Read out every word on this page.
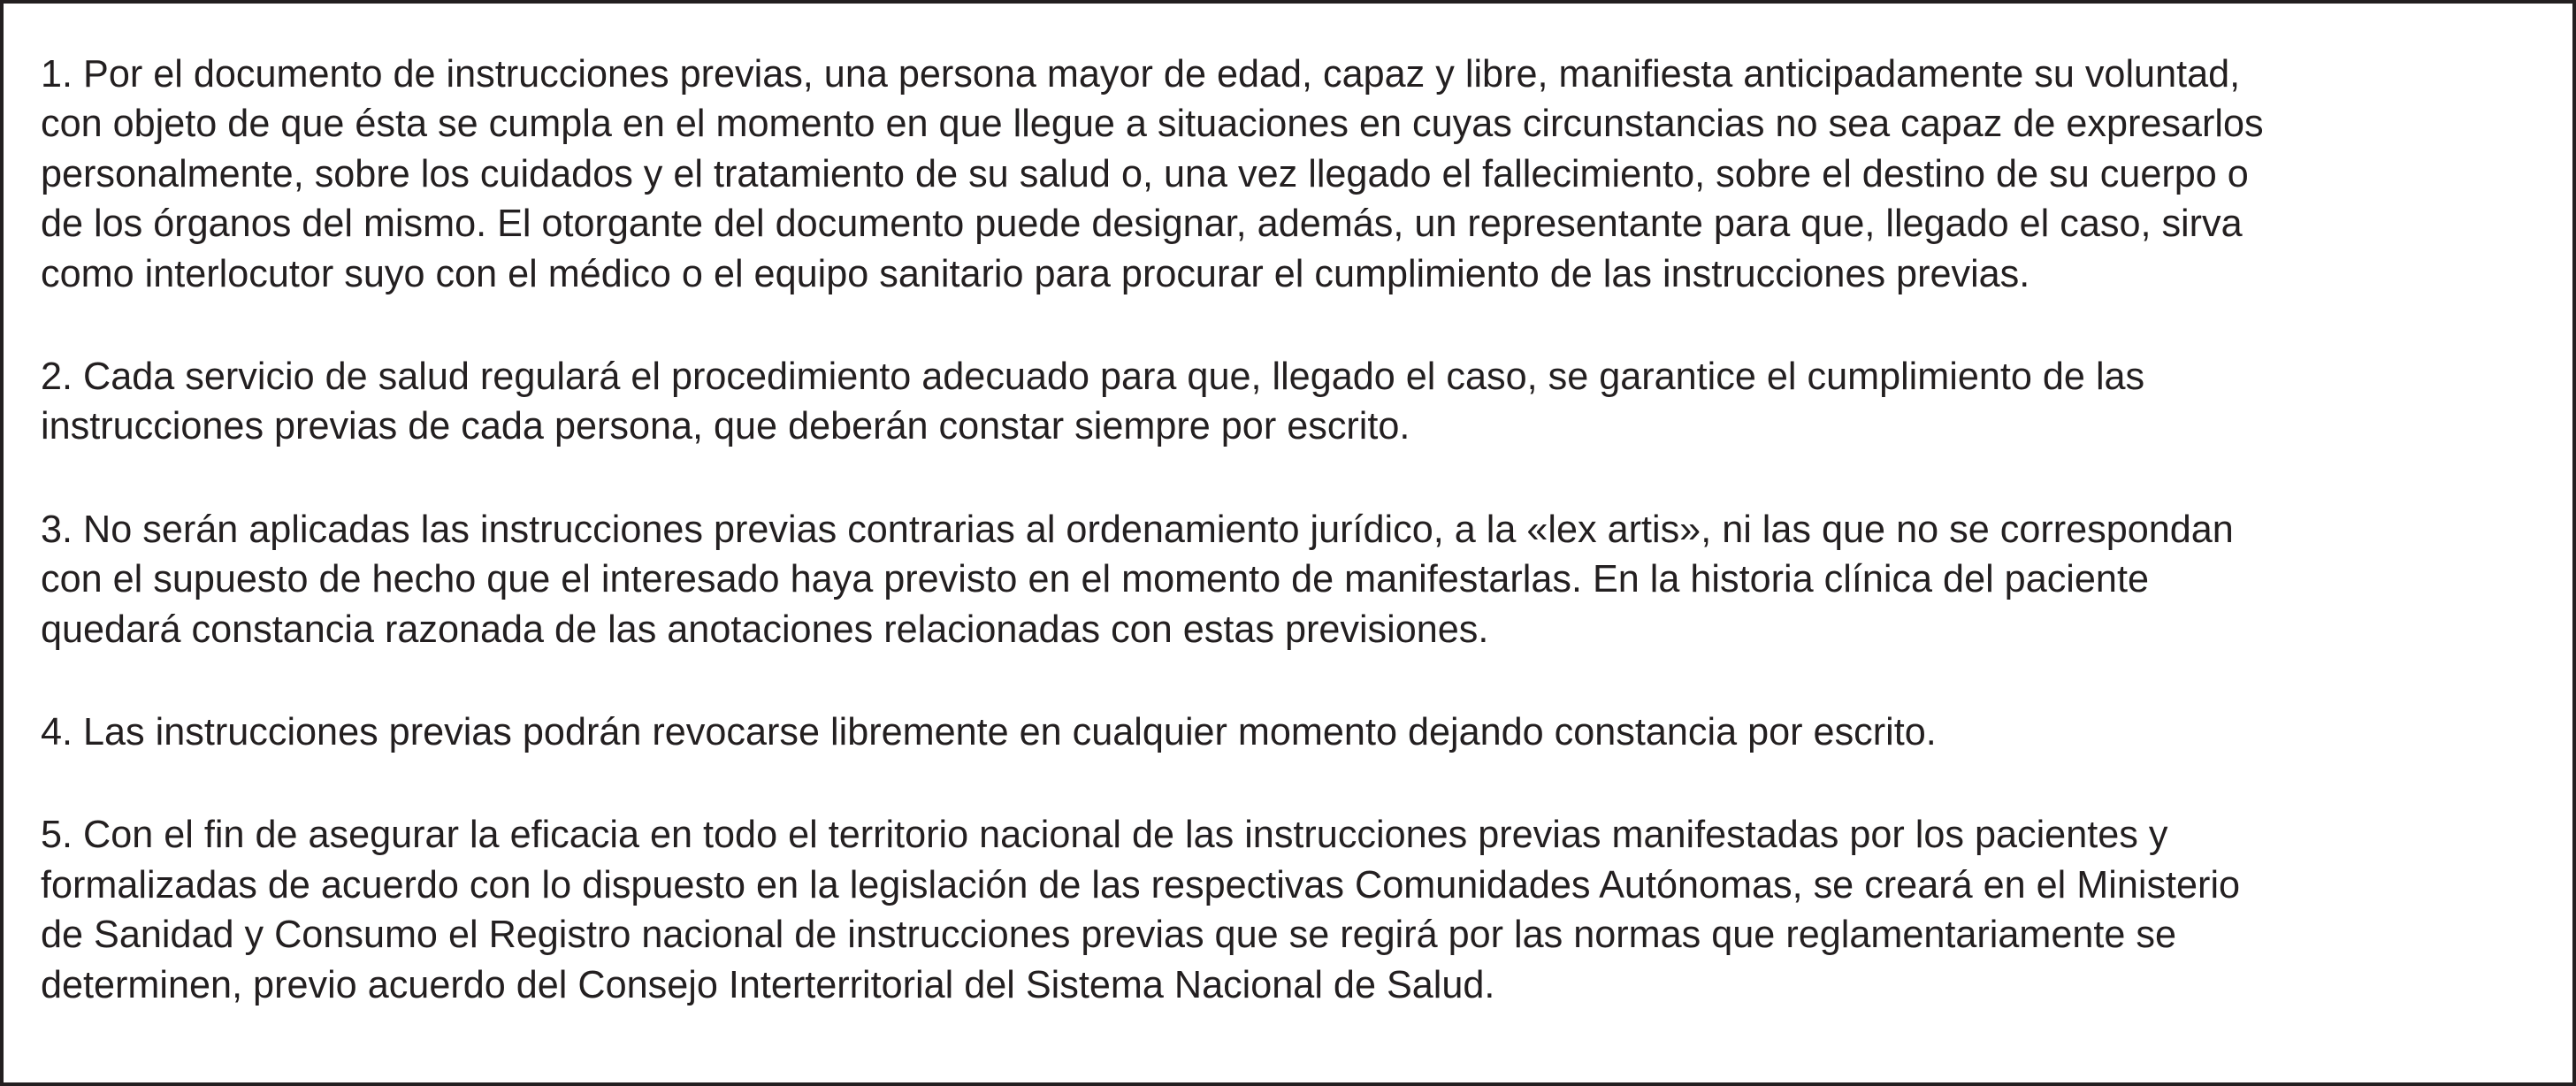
1. Por el documento de instrucciones previas, una persona mayor de edad, capaz y libre, manifiesta anticipadamente su voluntad,
con objeto de que ésta se cumpla en el momento en que llegue a situaciones en cuyas circunstancias no sea capaz de expresarlos
personalmente, sobre los cuidados y el tratamiento de su salud o, una vez llegado el fallecimiento, sobre el destino de su cuerpo o
de los órganos del mismo. El otorgante del documento puede designar, además, un representante para que, llegado el caso, sirva
como interlocutor suyo con el médico o el equipo sanitario para procurar el cumplimiento de las instrucciones previas.

2. Cada servicio de salud regulará el procedimiento adecuado para que, llegado el caso, se garantice el cumplimiento de las
instrucciones previas de cada persona, que deberán constar siempre por escrito.

3. No serán aplicadas las instrucciones previas contrarias al ordenamiento jurídico, a la «lex artis», ni las que no se correspondan
con el supuesto de hecho que el interesado haya previsto en el momento de manifestarlas. En la historia clínica del paciente
quedará constancia razonada de las anotaciones relacionadas con estas previsiones.

4. Las instrucciones previas podrán revocarse libremente en cualquier momento dejando constancia por escrito.

5. Con el fin de asegurar la eficacia en todo el territorio nacional de las instrucciones previas manifestadas por los pacientes y
formalizadas de acuerdo con lo dispuesto en la legislación de las respectivas Comunidades Autónomas, se creará en el Ministerio
de Sanidad y Consumo el Registro nacional de instrucciones previas que se regirá por las normas que reglamentariamente se
determinen, previo acuerdo del Consejo Interterritorial del Sistema Nacional de Salud.
